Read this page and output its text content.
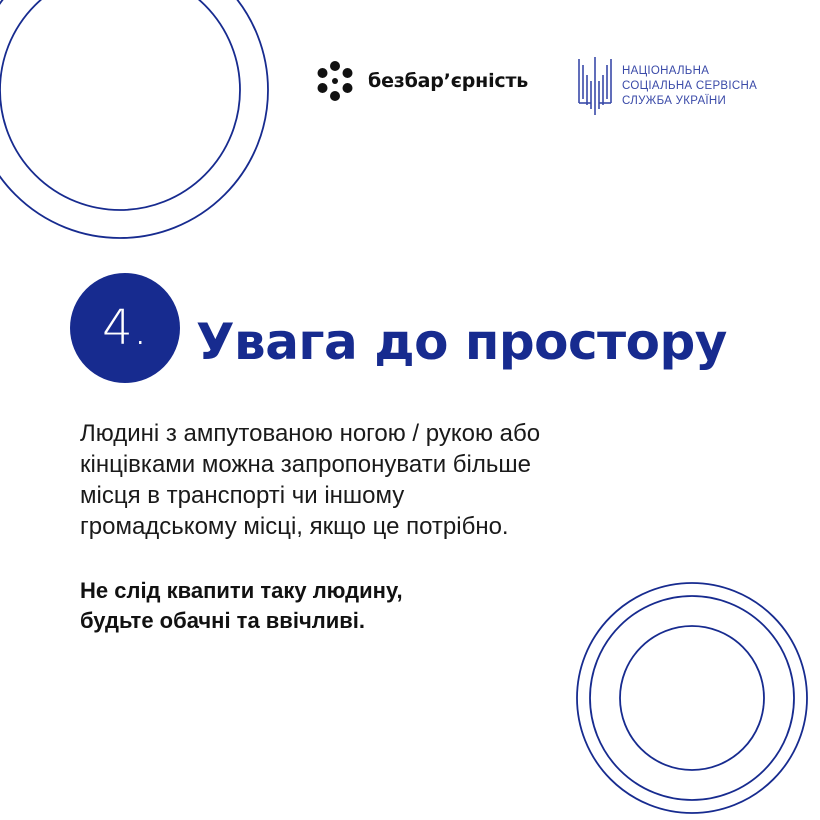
безбар’єрність	НАЦІОНАЛЬНА
СОЦІАЛЬНА СЕРВІСНА
СЛУЖБА УКРАЇНИ
4. Увага до простору
Людині з ампутованою ногою / рукою або
кінцівками можна запропонувати більше
місця в транспорті чи іншому
громадському місці, якщо це потрібно.
Не слід квапити таку людину,
будьте обачні та ввічливі.
